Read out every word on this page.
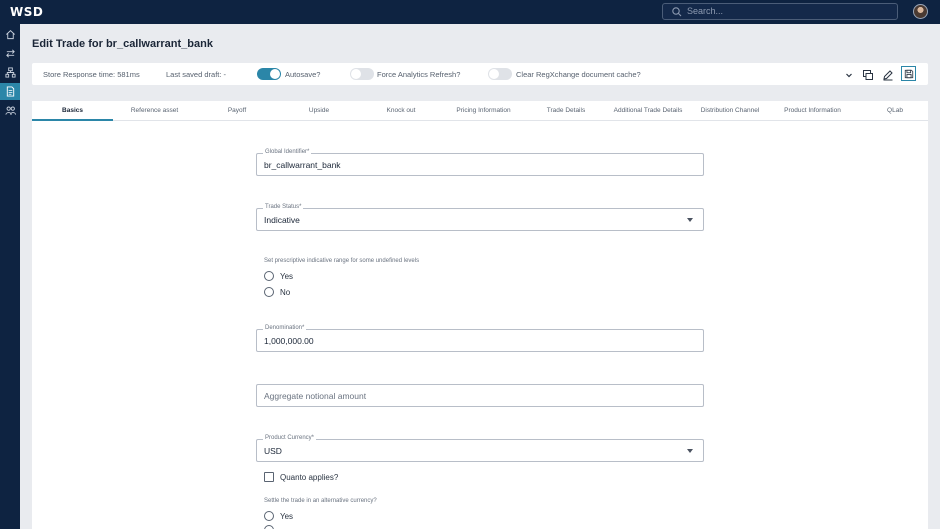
WSD	Search...
Edit Trade for br_callwarrant_bank
Store Response time: 581ms	Last saved draft: -	Autosave?	Force Analytics Refresh?	Clear RegXchange document cache?
Basics	Reference asset	Payoff	Upside	Knock out	Pricing Information	Trade Details	Additional Trade Details	Distribution Channel	Product Information	QLab
Global Identifier*
br_callwarrant_bank
Trade Status*
Indicative
Set prescriptive indicative range for some undefined levels
Yes
No
Denomination*
1,000,000.00
Aggregate notional amount
Product Currency*
USD
Quanto applies?
Settle the trade in an alternative currency?
Yes
